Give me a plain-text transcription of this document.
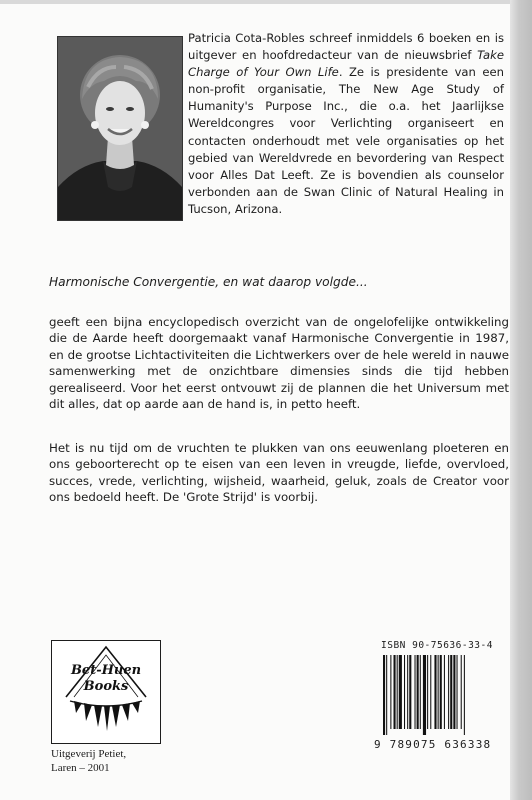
Patricia Cota-Robles schreef inmiddels 6 boeken en is uitgever en hoofdredacteur van de nieuwsbrief Take Charge of Your Own Life. Ze is presidente van een non-profit organisatie, The New Age Study of Humanity's Purpose Inc., die o.a. het Jaarlijkse Wereldcongres voor Verlichting organiseert en contacten onderhoudt met vele organisaties op het gebied van Wereldvrede en bevordering van Respect voor Alles Dat Leeft. Ze is bovendien als counselor verbonden aan de Swan Clinic of Natural Healing in Tucson, Arizona.

Harmonische Convergentie, en wat daarop volgde...

geeft een bijna encyclopedisch overzicht van de ongelofelijke ontwikkeling die de Aarde heeft doorgemaakt vanaf Harmonische Convergentie in 1987, en de grootse Lichtactiviteiten die Lichtwerkers over de hele wereld in nauwe samenwerking met de onzichtbare dimensies sinds die tijd hebben gerealiseerd. Voor het eerst ontvouwt zij de plannen die het Universum met dit alles, dat op aarde aan de hand is, in petto heeft.

Het is nu tijd om de vruchten te plukken van ons eeuwenlang ploeteren en ons geboorterecht op te eisen van een leven in vreugde, liefde, overvloed, succes, vrede, verlichting, wijsheid, waarheid, geluk, zoals de Creator voor ons bedoeld heeft. De 'Grote Strijd' is voorbij.

Bet-Huen
Books
Uitgeverij Petiet,
Laren – 2001
ISBN 90-75636-33-4
9 789075 636338
